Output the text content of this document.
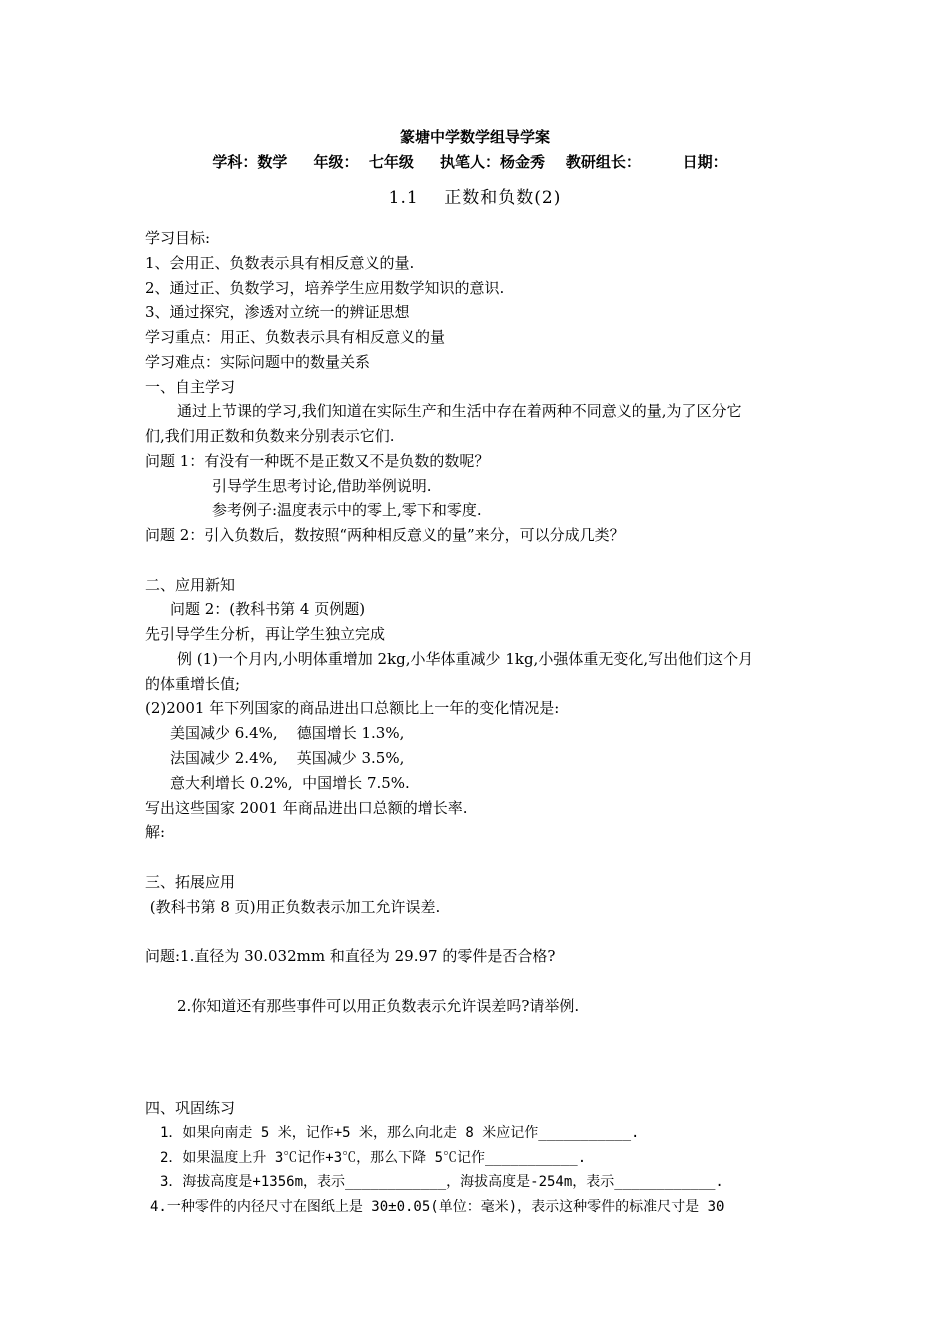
篆塘中学数学组导学案
学科：数学     年级：  七年级     执笔人：杨金秀    教研组长：        日期：
1.1    正数和负数(2)
学习目标:
1、会用正、负数表示具有相反意义的量.
2、通过正、负数学习，培养学生应用数学知识的意识.
3、通过探究，渗透对立统一的辨证思想
学习重点：用正、负数表示具有相反意义的量
学习难点：实际问题中的数量关系
一、自主学习
通过上节课的学习,我们知道在实际生产和生活中存在着两种不同意义的量,为了区分它
们,我们用正数和负数来分别表示它们.
问题 1：有没有一种既不是正数又不是负数的数呢？
引导学生思考讨论,借助举例说明.
参考例子:温度表示中的零上,零下和零度.
问题 2：引入负数后，数按照“两种相反意义的量”来分，可以分成几类？
二、应用新知
问题 2：(教科书第 4 页例题)
先引导学生分析，再让学生独立完成
例 (1)一个月内,小明体重增加 2kg,小华体重减少 1kg,小强体重无变化,写出他们这个月
的体重增长值;
(2)2001 年下列国家的商品进出口总额比上一年的变化情况是:
美国减少 6.4%,    德国增长 1.3%,
法国减少 2.4%,    英国减少 3.5%,
意大利增长 0.2%,  中国增长 7.5%.
写出这些国家 2001 年商品进出口总额的增长率.
解:
三、拓展应用
(教科书第 8 页)用正负数表示加工允许误差.
问题:1.直径为 30.032mm 和直径为 29.97 的零件是否合格?
2.你知道还有那些事件可以用正负数表示允许误差吗?请举例.
四、巩固练习
1．如果向南走 5 米，记作+5 米，那么向北走 8 米应记作___________.
2．如果温度上升 3℃记作+3℃，那么下降 5℃记作___________.
3．海拔高度是+1356m，表示____________，海拔高度是-254m，表示____________.
4.一种零件的内径尺寸在图纸上是 30±0.05(单位：毫米)，表示这种零件的标准尺寸是 30
